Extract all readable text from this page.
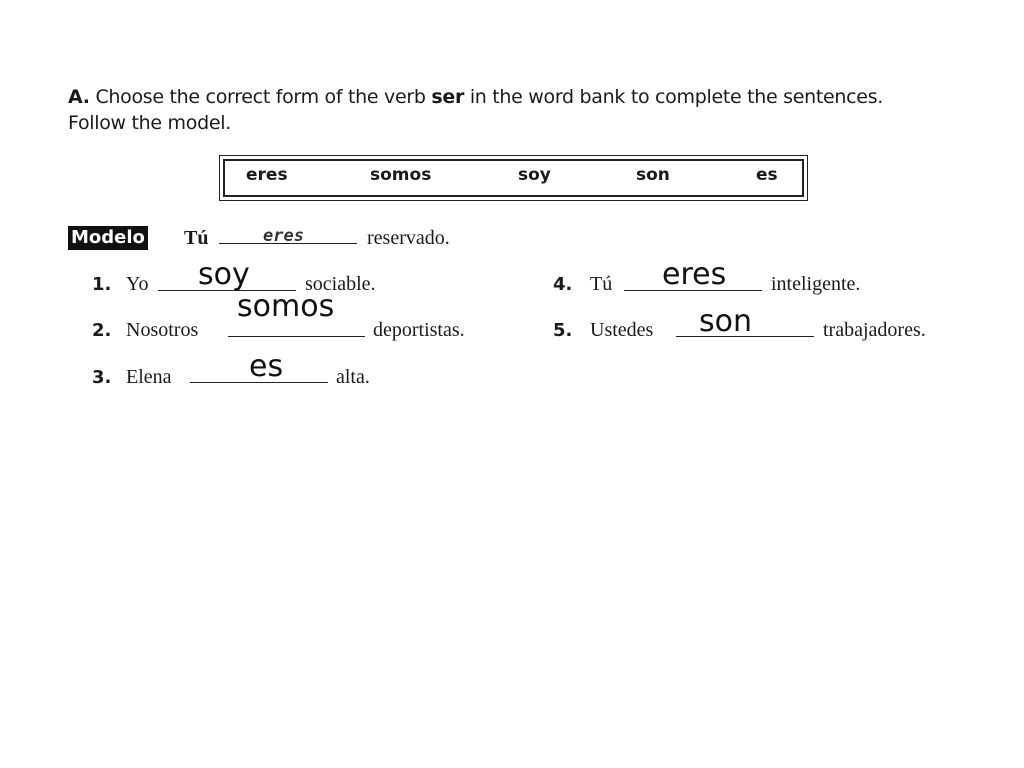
A. Choose the correct form of the verb ser in the word bank to complete the sentences.
Follow the model.
eres	somos	soy	son	es
Modelo Tú	eres	reservado.
1. Yo soy	sociable.
2. Nosotros
somos
deportistas.
3. Elena	es	alta.
4. Tú eres inteligente.
5. Ustedes son	trabajadores.
